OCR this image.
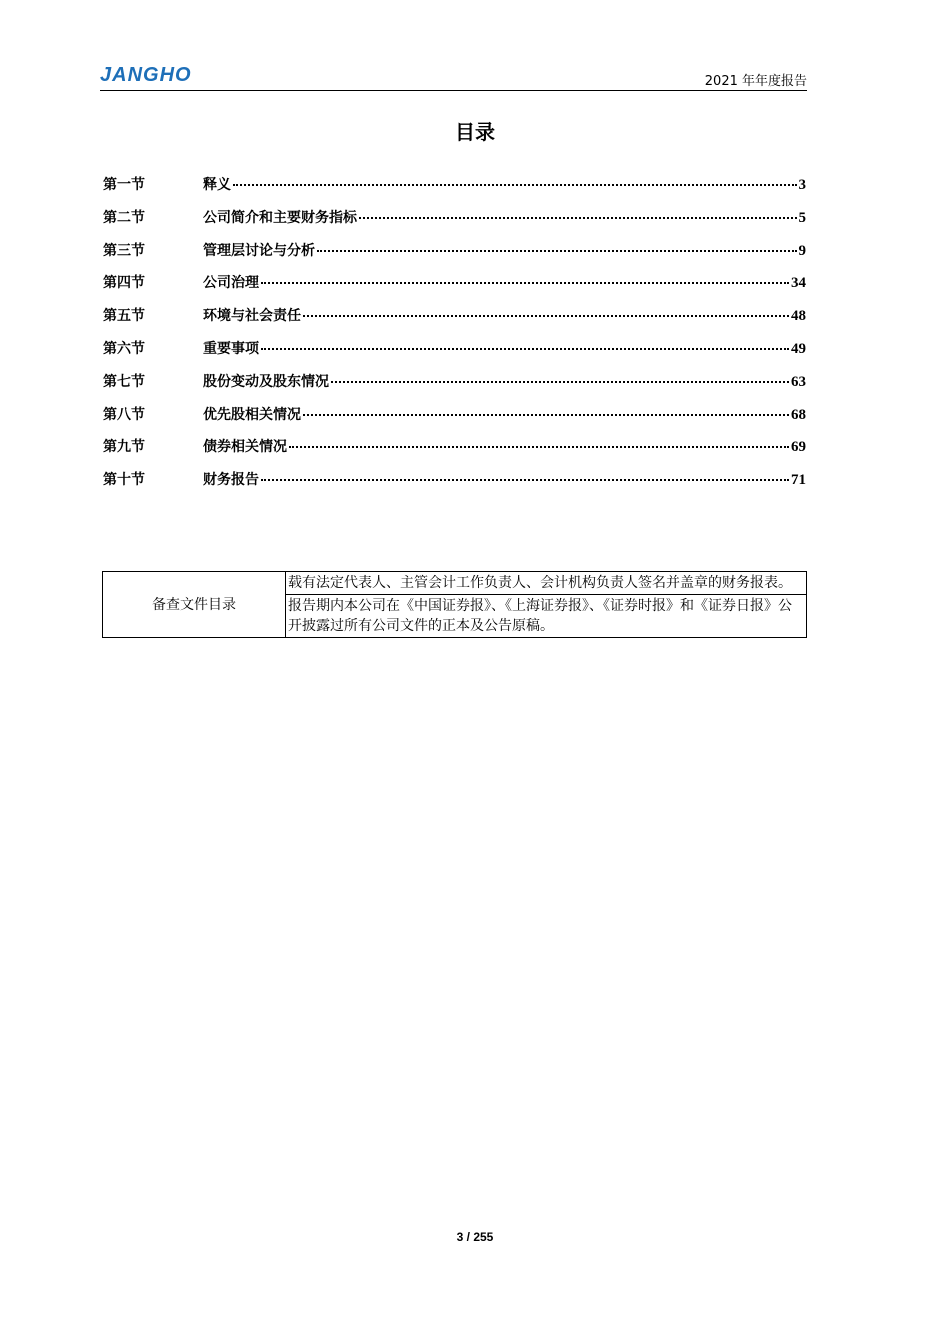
JANGHO	2021 年年度报告
目录
第一节	释义	3
第二节	公司简介和主要财务指标	5
第三节	管理层讨论与分析	9
第四节	公司治理	34
第五节	环境与社会责任	48
第六节	重要事项	49
第七节	股份变动及股东情况	63
第八节	优先股相关情况	68
第九节	债券相关情况	69
第十节	财务报告	71
备查文件目录	载有法定代表人、主管会计工作负责人、会计机构负责人签名并盖章的财务报表。
报告期内本公司在《中国证券报》、《上海证券报》、《证券时报》和《证券日报》公开披露过所有公司文件的正本及公告原稿。
3 / 255
